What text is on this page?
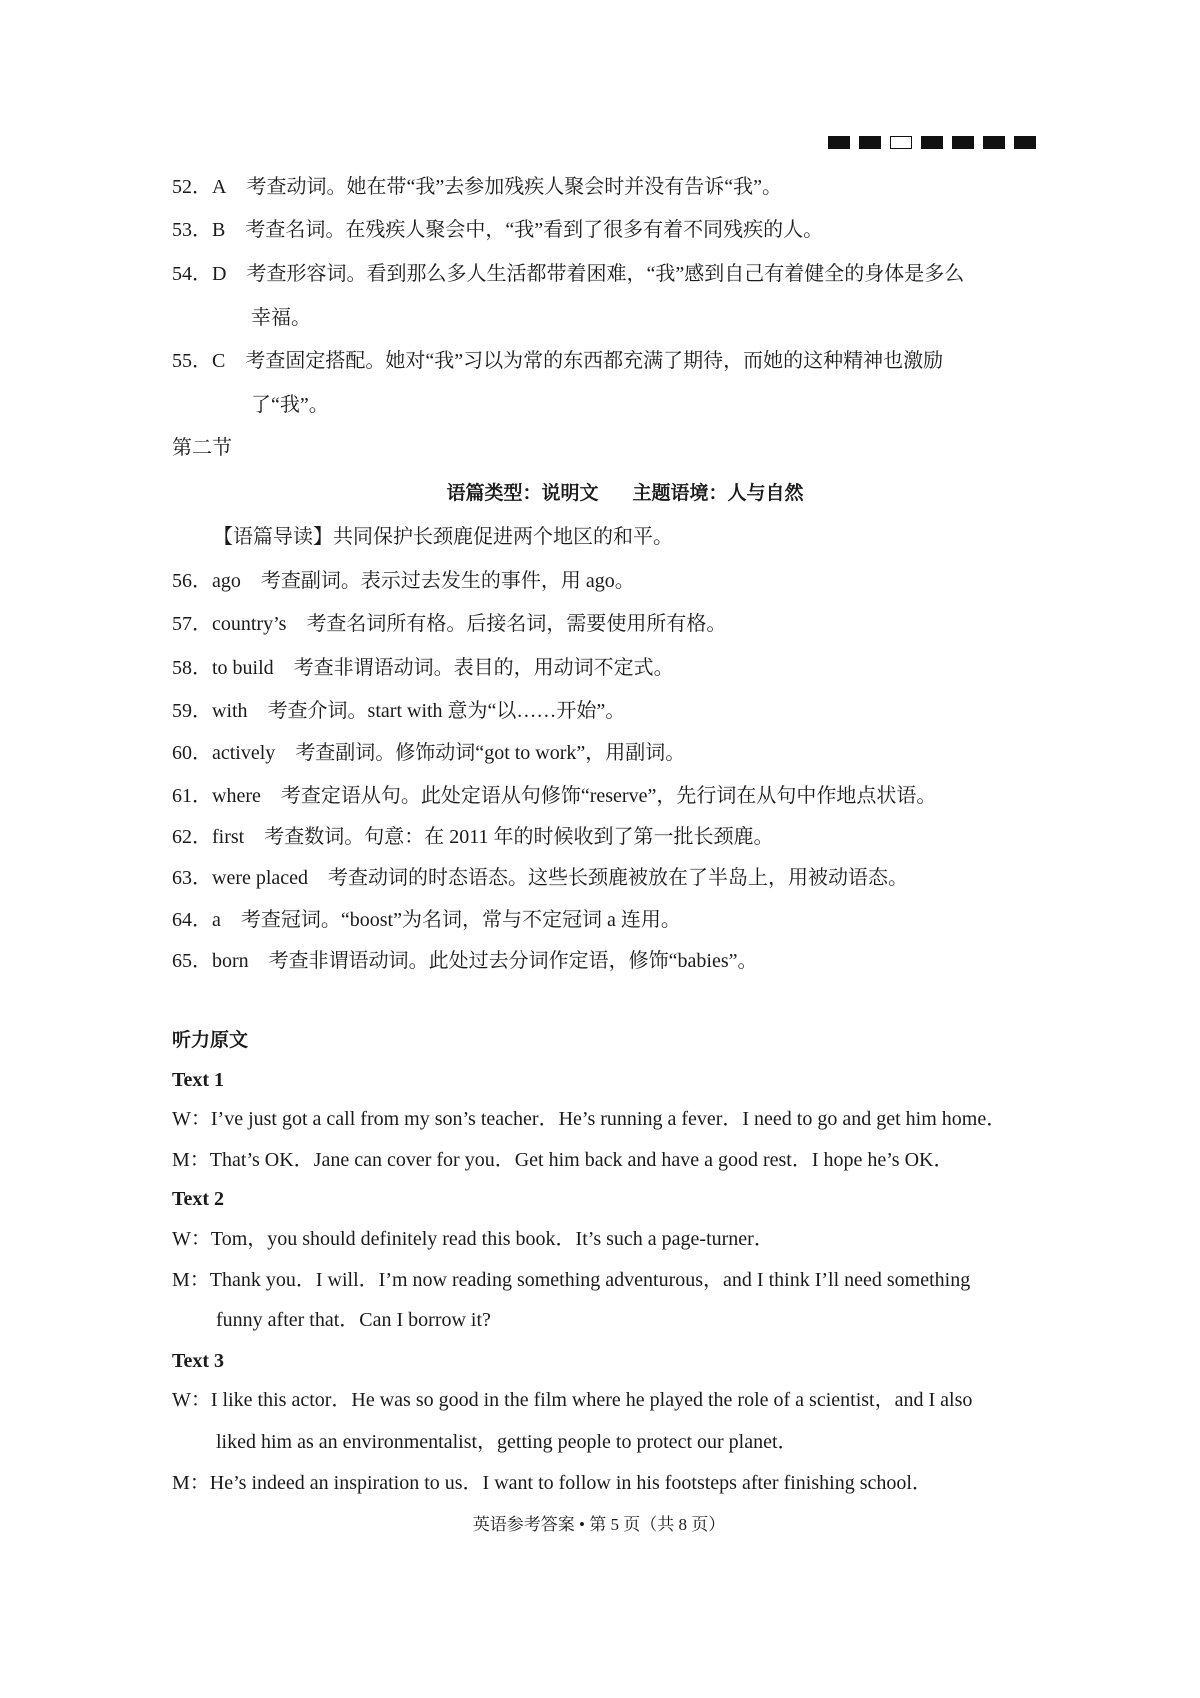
52．A 考查动词。她在带“我”去参加残疾人聚会时并没有告诉“我”。
53．B 考查名词。在残疾人聚会中，“我”看到了很多有着不同残疾的人。
54．D 考查形容词。看到那么多人生活都带着困难，“我”感到自己有着健全的身体是多么
幸福。
55．C 考查固定搭配。她对“我”习以为常的东西都充满了期待，而她的这种精神也激励
了“我”。
第二节
语篇类型：说明文 主题语境：人与自然
【语篇导读】共同保护长颈鹿促进两个地区的和平。
56．ago 考查副词。表示过去发生的事件，用 ago。
57．country’s 考查名词所有格。后接名词，需要使用所有格。
58．to build 考查非谓语动词。表目的，用动词不定式。
59．with 考查介词。start with 意为“以……开始”。
60．actively 考查副词。修饰动词“got to work”，用副词。
61．where 考查定语从句。此处定语从句修饰“reserve”，先行词在从句中作地点状语。
62．first 考查数词。句意：在 2011 年的时候收到了第一批长颈鹿。
63．were placed 考查动词的时态语态。这些长颈鹿被放在了半岛上，用被动语态。
64．a 考查冠词。“boost”为名词，常与不定冠词 a 连用。
65．born 考查非谓语动词。此处过去分词作定语，修饰“babies”。
听力原文
Text 1
W：I’ve just got a call from my son’s teacher．He’s running a fever．I need to go and get him home．
M：That’s OK．Jane can cover for you．Get him back and have a good rest．I hope he’s OK．
Text 2
W：Tom，you should definitely read this book．It’s such a page-turner．
M：Thank you．I will．I’m now reading something adventurous，and I think I’ll need something
funny after that．Can I borrow it?
Text 3
W：I like this actor．He was so good in the film where he played the role of a scientist，and I also
liked him as an environmentalist，getting people to protect our planet．
M：He’s indeed an inspiration to us．I want to follow in his footsteps after finishing school．
英语参考答案 • 第 5 页（共 8 页）
